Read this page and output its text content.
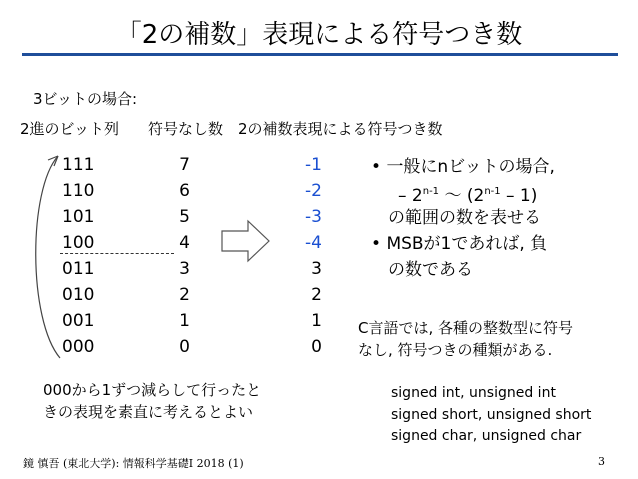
「2の補数」表現による符号つき数
3ビットの場合:
2進のビット列 符号なし数 2の補数表現による符号つき数
111	7	-1
110	6	-2
101	5	-3
100	4	-4
011	3	3
010	2	2
001	1	1
000	0	0
• 一般にnビットの場合,
– 2$^{n-1}$ ～ (2$^{n-1}$ – 1)
の範囲の数を表せる
• MSBが1であれば, 負
の数である
C言語では, 各種の整数型に符号
なし, 符号つきの種類がある.
000から1ずつ減らして行ったと
きの表現を素直に考えるとよい
signed int, unsigned int
signed short, unsigned short
signed char, unsigned char
鏡 慎吾 (東北大学): 情報科学基礎I 2018 (1)	3
